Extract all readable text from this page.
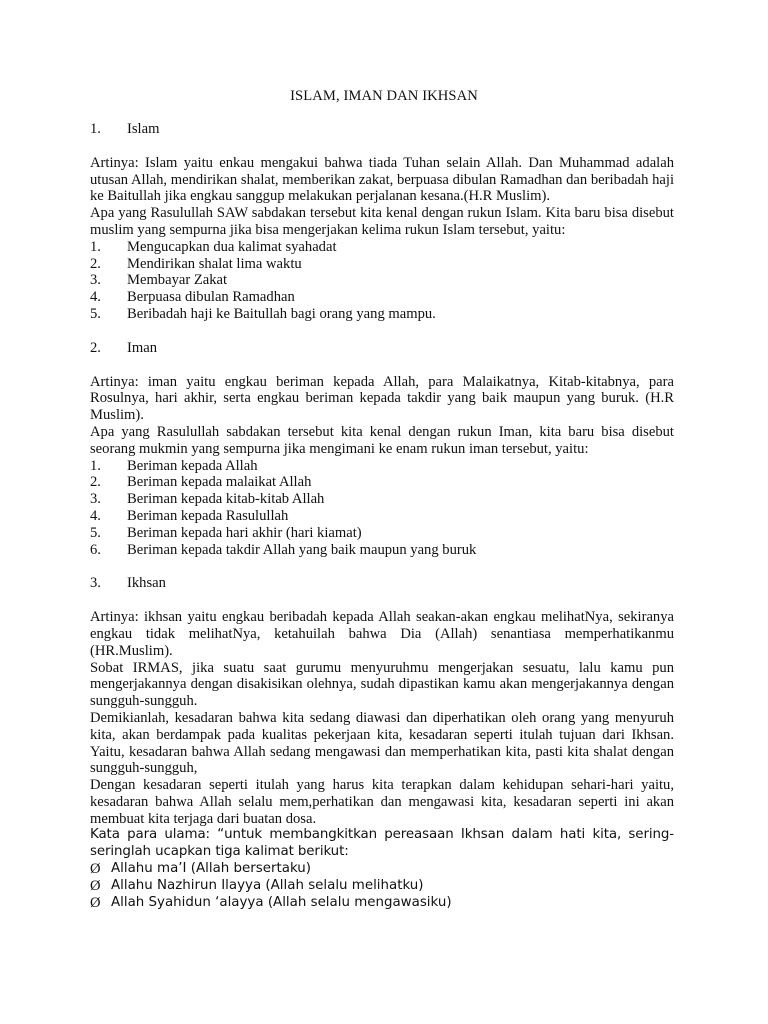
ISLAM, IMAN DAN IKHSAN
1.	Islam

Artinya: Islam yaitu enkau mengakui bahwa tiada Tuhan selain Allah. Dan Muhammad adalah utusan Allah, mendirikan shalat, memberikan zakat, berpuasa dibulan Ramadhan dan beribadah haji ke Baitullah jika engkau sanggup melakukan perjalanan kesana.(H.R Muslim).

Apa yang Rasulullah SAW sabdakan tersebut kita kenal dengan rukun Islam. Kita baru bisa disebut muslim yang sempurna jika bisa mengerjakan kelima rukun Islam tersebut, yaitu:

1.	Mengucapkan dua kalimat syahadat
2.	Mendirikan shalat lima waktu
3.	Membayar Zakat
4.	Berpuasa dibulan Ramadhan
5.	Beribadah haji ke Baitullah bagi orang yang mampu.
2.	Iman

Artinya: iman yaitu engkau beriman kepada Allah, para Malaikatnya, Kitab-kitabnya, para Rosulnya, hari akhir, serta engkau beriman kepada takdir yang baik maupun yang buruk. (H.R Muslim).

Apa yang Rasulullah sabdakan tersebut kita kenal dengan rukun Iman, kita baru bisa disebut seorang mukmin yang sempurna jika mengimani ke enam rukun iman tersebut, yaitu:

1.	Beriman kepada Allah
2.	Beriman kepada malaikat Allah
3.	Beriman kepada kitab-kitab Allah
4.	Beriman kepada Rasulullah
5.	Beriman kepada hari akhir (hari kiamat)
6.	Beriman kepada takdir Allah yang baik maupun yang buruk
3.	Ikhsan

Artinya: ikhsan yaitu engkau beribadah kepada Allah seakan-akan engkau melihatNya, sekiranya engkau tidak melihatNya, ketahuilah bahwa Dia (Allah) senantiasa memperhatikanmu (HR.Muslim).

Sobat IRMAS, jika suatu saat gurumu menyuruhmu mengerjakan sesuatu, lalu kamu pun mengerjakannya dengan disakisikan olehnya, sudah dipastikan kamu akan mengerjakannya dengan sungguh-sungguh.

Demikianlah, kesadaran bahwa kita sedang diawasi dan diperhatikan oleh orang yang menyuruh kita, akan berdampak pada kualitas pekerjaan kita, kesadaran seperti itulah tujuan dari Ikhsan. Yaitu, kesadaran bahwa Allah sedang mengawasi dan memperhatikan kita, pasti kita shalat dengan sungguh-sungguh,

Dengan kesadaran seperti itulah yang harus kita terapkan dalam kehidupan sehari-hari yaitu, kesadaran bahwa Allah selalu mem,perhatikan dan mengawasi kita, kesadaran seperti ini akan membuat kita terjaga dari buatan dosa.

Kata para ulama: “untuk membangkitkan pereasaan Ikhsan dalam hati kita, sering-seringlah ucapkan tiga kalimat berikut:

Ø Allahu ma’I (Allah bersertaku)
Ø Allahu Nazhirun Ilayya (Allah selalu melihatku)
Ø Allah Syahidun ‘alayya (Allah selalu mengawasiku)
